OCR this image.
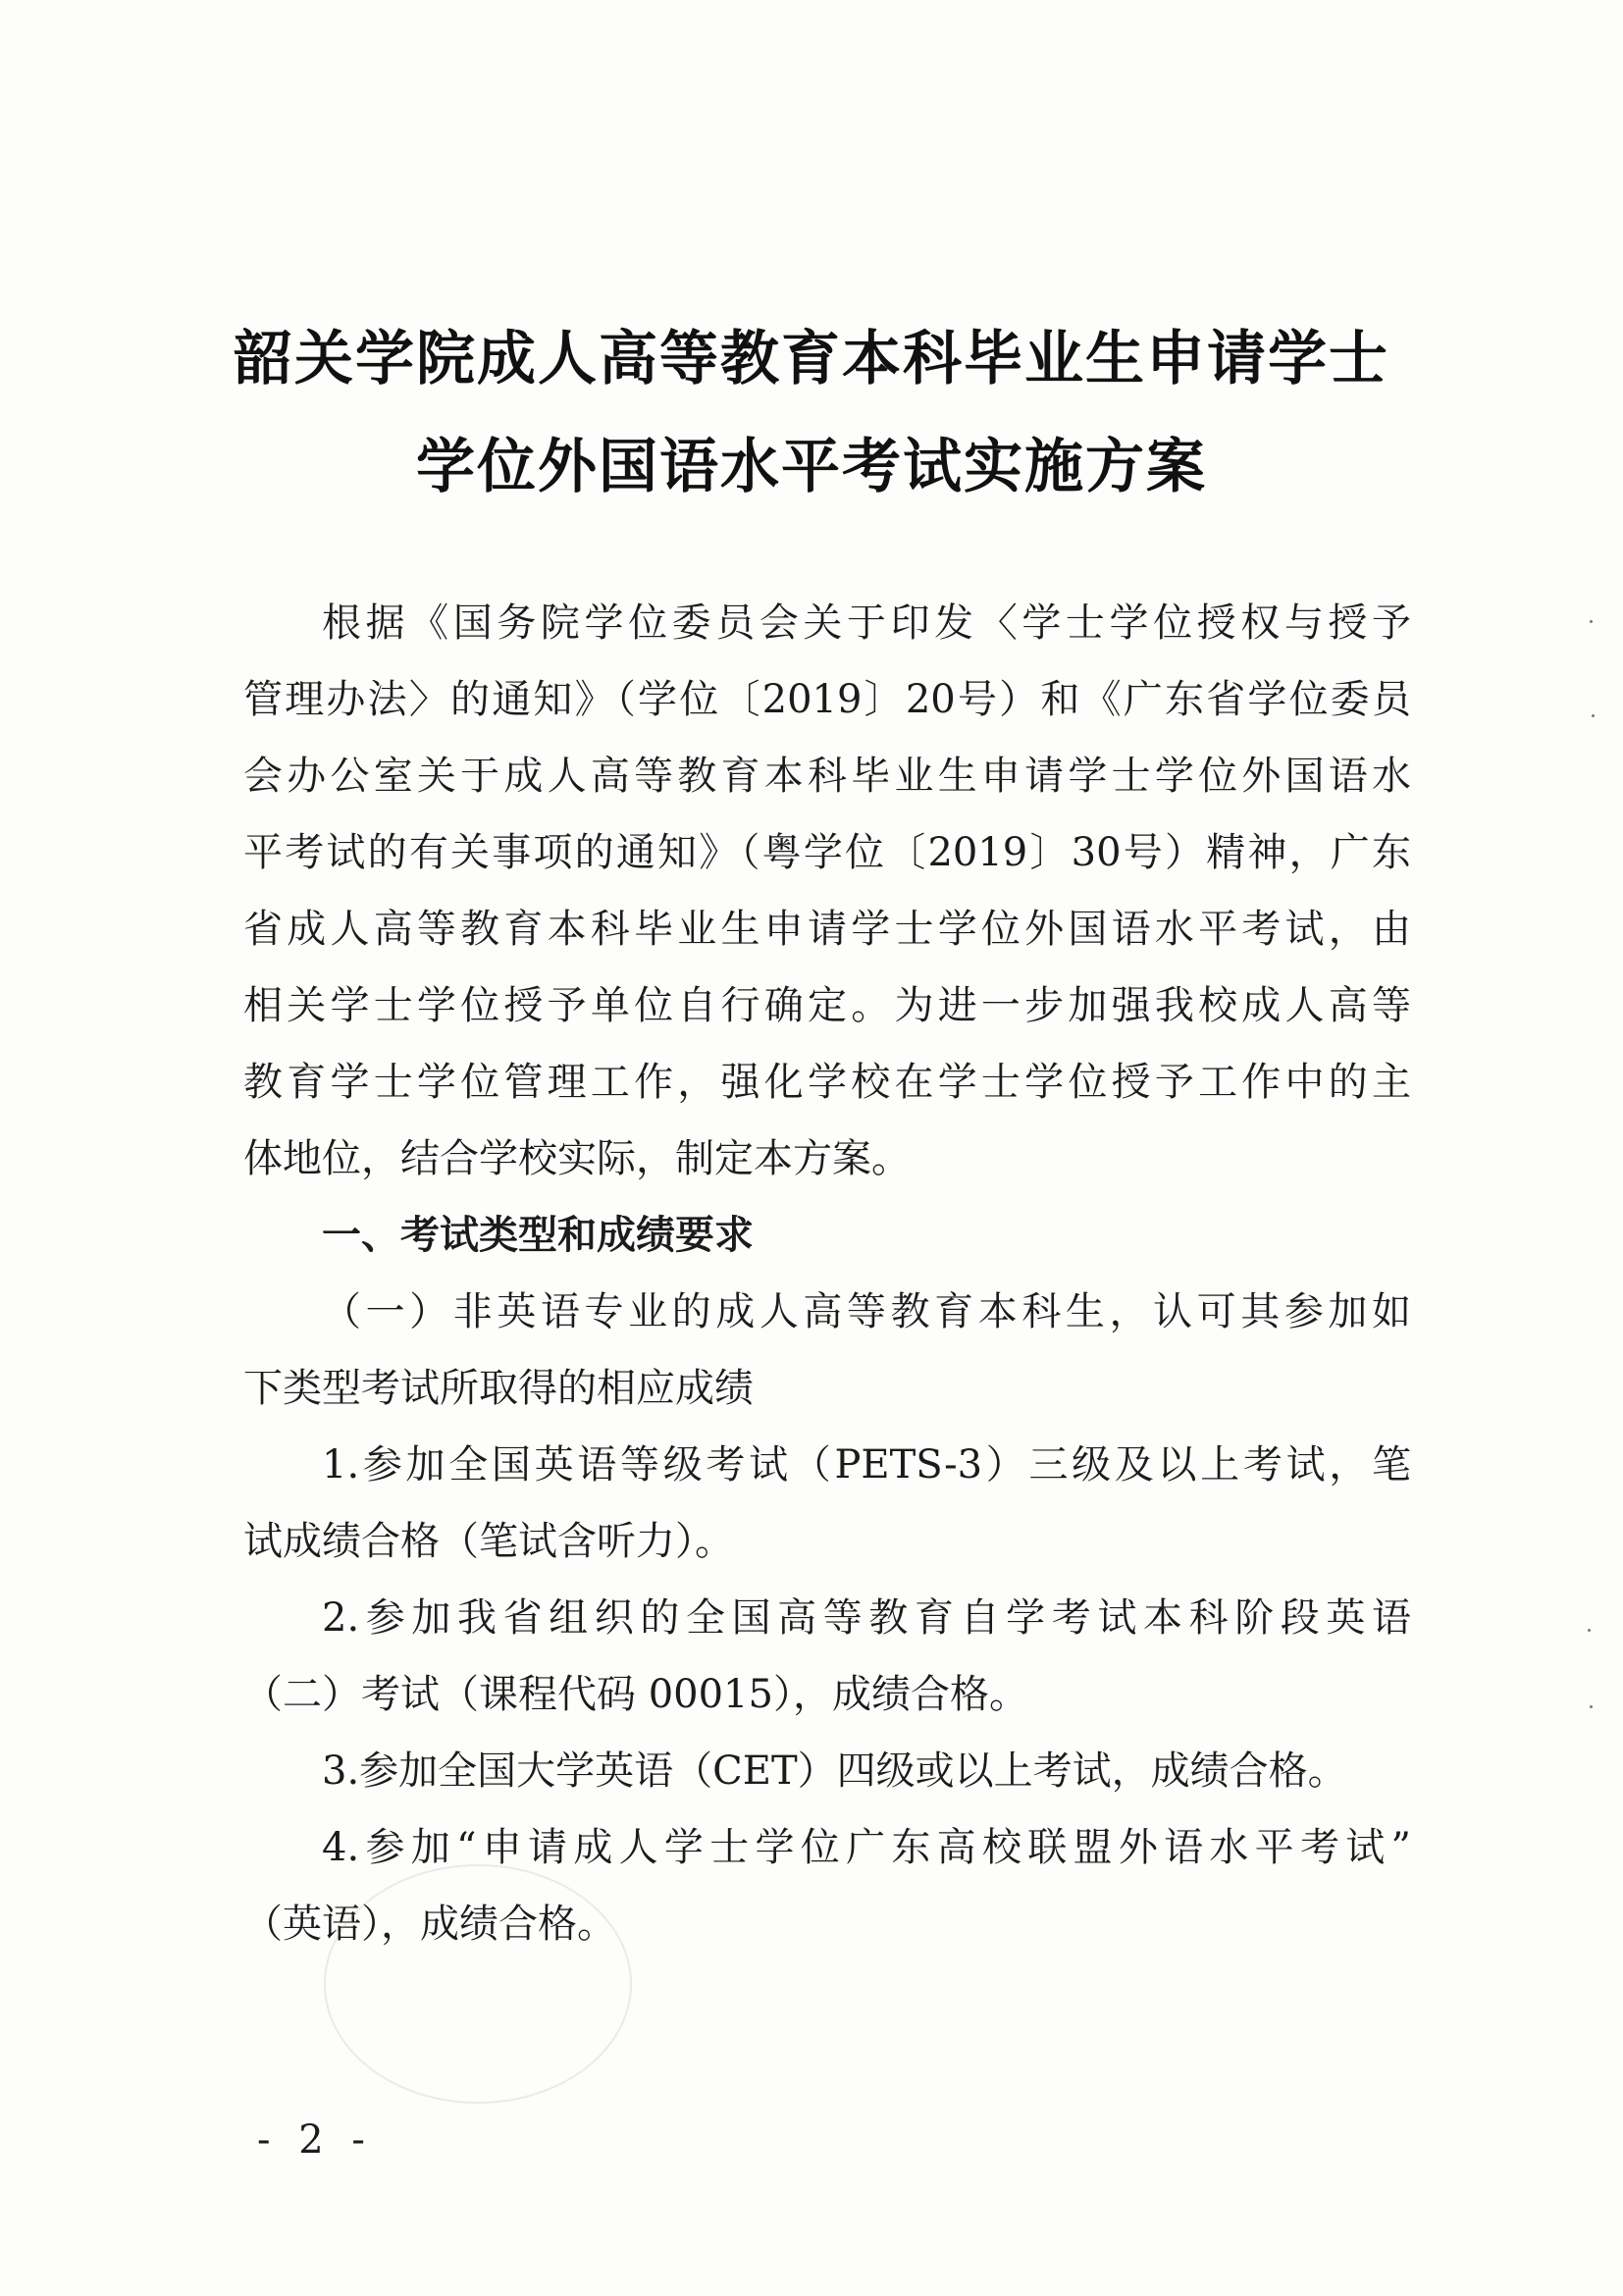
韶关学院成人高等教育本科毕业生申请学士
学位外国语水平考试实施方案
根据《国务院学位委员会关于印发〈学士学位授权与授予
管理办法〉的通知》（学位〔2019〕20号）和《广东省学位委员
会办公室关于成人高等教育本科毕业生申请学士学位外国语水
平考试的有关事项的通知》（粤学位〔2019〕30号）精神，广东
省成人高等教育本科毕业生申请学士学位外国语水平考试，由
相关学士学位授予单位自行确定。为进一步加强我校成人高等
教育学士学位管理工作，强化学校在学士学位授予工作中的主
体地位，结合学校实际，制定本方案。
一、考试类型和成绩要求
（一）非英语专业的成人高等教育本科生，认可其参加如
下类型考试所取得的相应成绩
1.参加全国英语等级考试（PETS-3）三级及以上考试，笔
试成绩合格（笔试含听力）。
2.参加我省组织的全国高等教育自学考试本科阶段英语
（二）考试（课程代码 00015），成绩合格。
3.参加全国大学英语（CET）四级或以上考试，成绩合格。
4.参加“申请成人学士学位广东高校联盟外语水平考试”
（英语），成绩合格。
- 2 -
